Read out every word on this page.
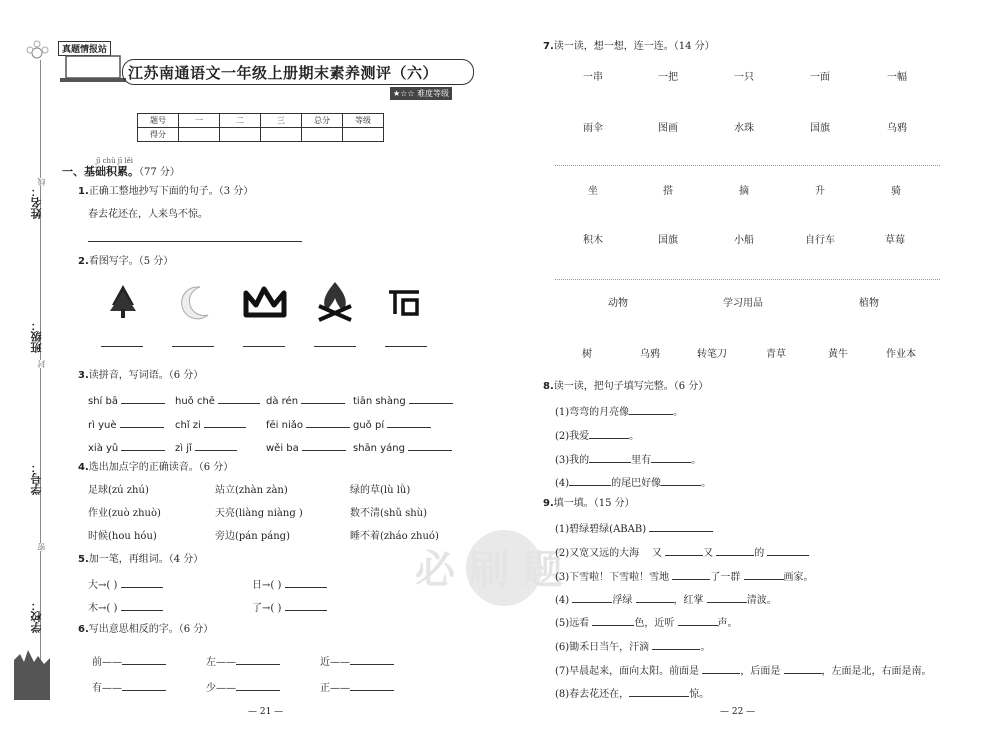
姓名：
班级：
学号：
学校：
线
封
密
真题情报站
江苏南通语文一年级上册期末素养测评（六）
★☆☆ 难度等级
题号	一	二	三	总分	等级
得分					
jī chǔ jī lěi
一、基础积累。（77 分）
1.正确工整地抄写下面的句子。（3 分）
春去花还在，人来鸟不惊。
2.看图写字。（5 分）
3.读拼音，写词语。（6 分）
shí bā	huǒ chē	dà rén	tiān shàng
rì yuè	chǐ zi	fēi niǎo	guǒ pí
xià yǔ	zì jǐ	wěi ba	shān yáng
4.选出加点字的正确读音。（6 分）
足球(zú zhú)	站立(zhàn zàn)	绿的草(lù lǜ)
作业(zuò zhuò)	天亮(liàng niàng )	数不清(shǔ shù)
时候(hou hóu)	旁边(pán páng)	睡不着(zháo zhuó)
5.加一笔，再组词。（4 分）
大→( )	日→( )
木→( )	了→( )
6.写出意思相反的字。（6 分）
前——	左——	近——
有——	少——	正——
— 21 —
必刷题
7.读一读，想一想，连一连。（14 分）
一串	一把	一只	一面	一幅
雨伞	图画	水珠	国旗	乌鸦
坐	搭	摘	升	骑
积木	国旗	小船	自行车	草莓
动物	学习用品	植物
树	乌鸦	转笔刀	青草	黄牛	作业本
8.读一读，把句子填写完整。（6 分）
(1)弯弯的月亮像	。
(2)我爱	。
(3)我的	里有	。
(4)	的尾巴好像	。
9.填一填。（15 分）
(1)碧绿碧绿(ABAB)
(2)又宽又远的大海 又	又	的
(3)下雪啦！下雪啦！雪地	了一群	画家。
(4)	浮绿	，红掌	清波。
(5)远看	色，近听	声。
(6)锄禾日当午，汗滴	。
(7)早晨起来，面向太阳。前面是	，后面是	，左面是北，右面是南。
(8)春去花还在，	惊。
— 22 —
